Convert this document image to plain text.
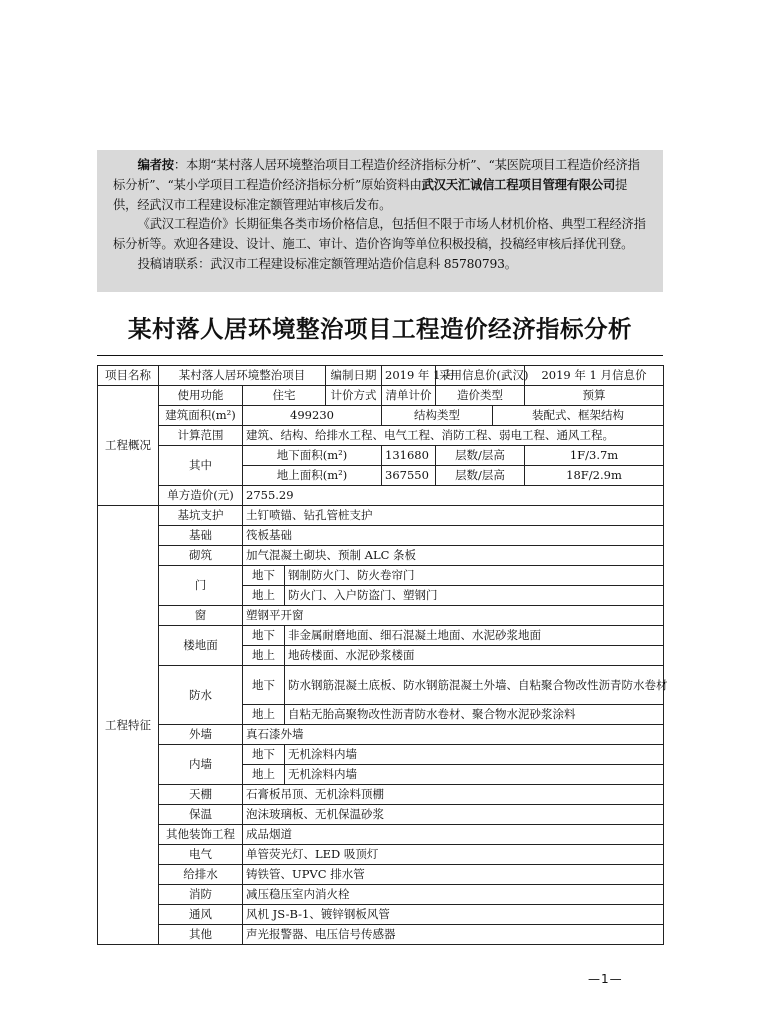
编者按：本期“某村落人居环境整治项目工程造价经济指标分析”、“某医院项目工程造价经济指标分析”、“某小学项目工程造价经济指标分析”原始资料由武汉天汇诚信工程项目管理有限公司提供，经武汉市工程建设标准定额管理站审核后发布。

《武汉工程造价》长期征集各类市场价格信息，包括但不限于市场人材机价格、典型工程经济指标分析等。欢迎各建设、设计、施工、审计、造价咨询等单位积极投稿，投稿经审核后择优刊登。

投稿请联系：武汉市工程建设标准定额管理站造价信息科 85780793。

某村落人居环境整治项目工程造价经济指标分析
项目名称	某村落人居环境整治项目			编制日期	2019 年 1 月	采用信息价(武汉)		2019 年 1 月信息价
工程概况	使用功能	住宅		计价方式	清单计价	造价类型		预算
	建筑面积(m²)	499230			结构类型		装配式、框架结构	
	计算范围	建筑、结构、给排水工程、电气工程、消防工程、弱电工程、通风工程。						
	其中	地下面积(m²)			131680	层数/层高		1F/3.7m
		地上面积(m²)			367550	层数/层高		18F/2.9m
	单方造价(元)	2755.29						
工程特征	基坑支护	土钉喷锚、钻孔管桩支护						
	基础	筏板基础						
	砌筑	加气混凝土砌块、预制 ALC 条板						
	门	地下	钢制防火门、防火卷帘门					
		地上	防火门、入户防盗门、塑钢门					
	窗	塑钢平开窗						
	楼地面	地下	非金属耐磨地面、细石混凝土地面、水泥砂浆地面					
		地上	地砖楼面、水泥砂浆楼面					
	防水	地下	防水钢筋混凝土底板、防水钢筋混凝土外墙、自粘聚合物改性沥青防水卷材					
		地上	自粘无胎高聚物改性沥青防水卷材、聚合物水泥砂浆涂料					
	外墙	真石漆外墙						
	内墙	地下	无机涂料内墙					
		地上	无机涂料内墙					
	天棚	石膏板吊顶、无机涂料顶棚						
	保温	泡沫玻璃板、无机保温砂浆						
	其他装饰工程	成品烟道						
	电气	单管荧光灯、LED 吸顶灯						
	给排水	铸铁管、UPVC 排水管						
	消防	减压稳压室内消火栓						
	通风	风机 JS-B-1、镀锌钢板风管						
	其他	声光报警器、电压信号传感器						
—1—
